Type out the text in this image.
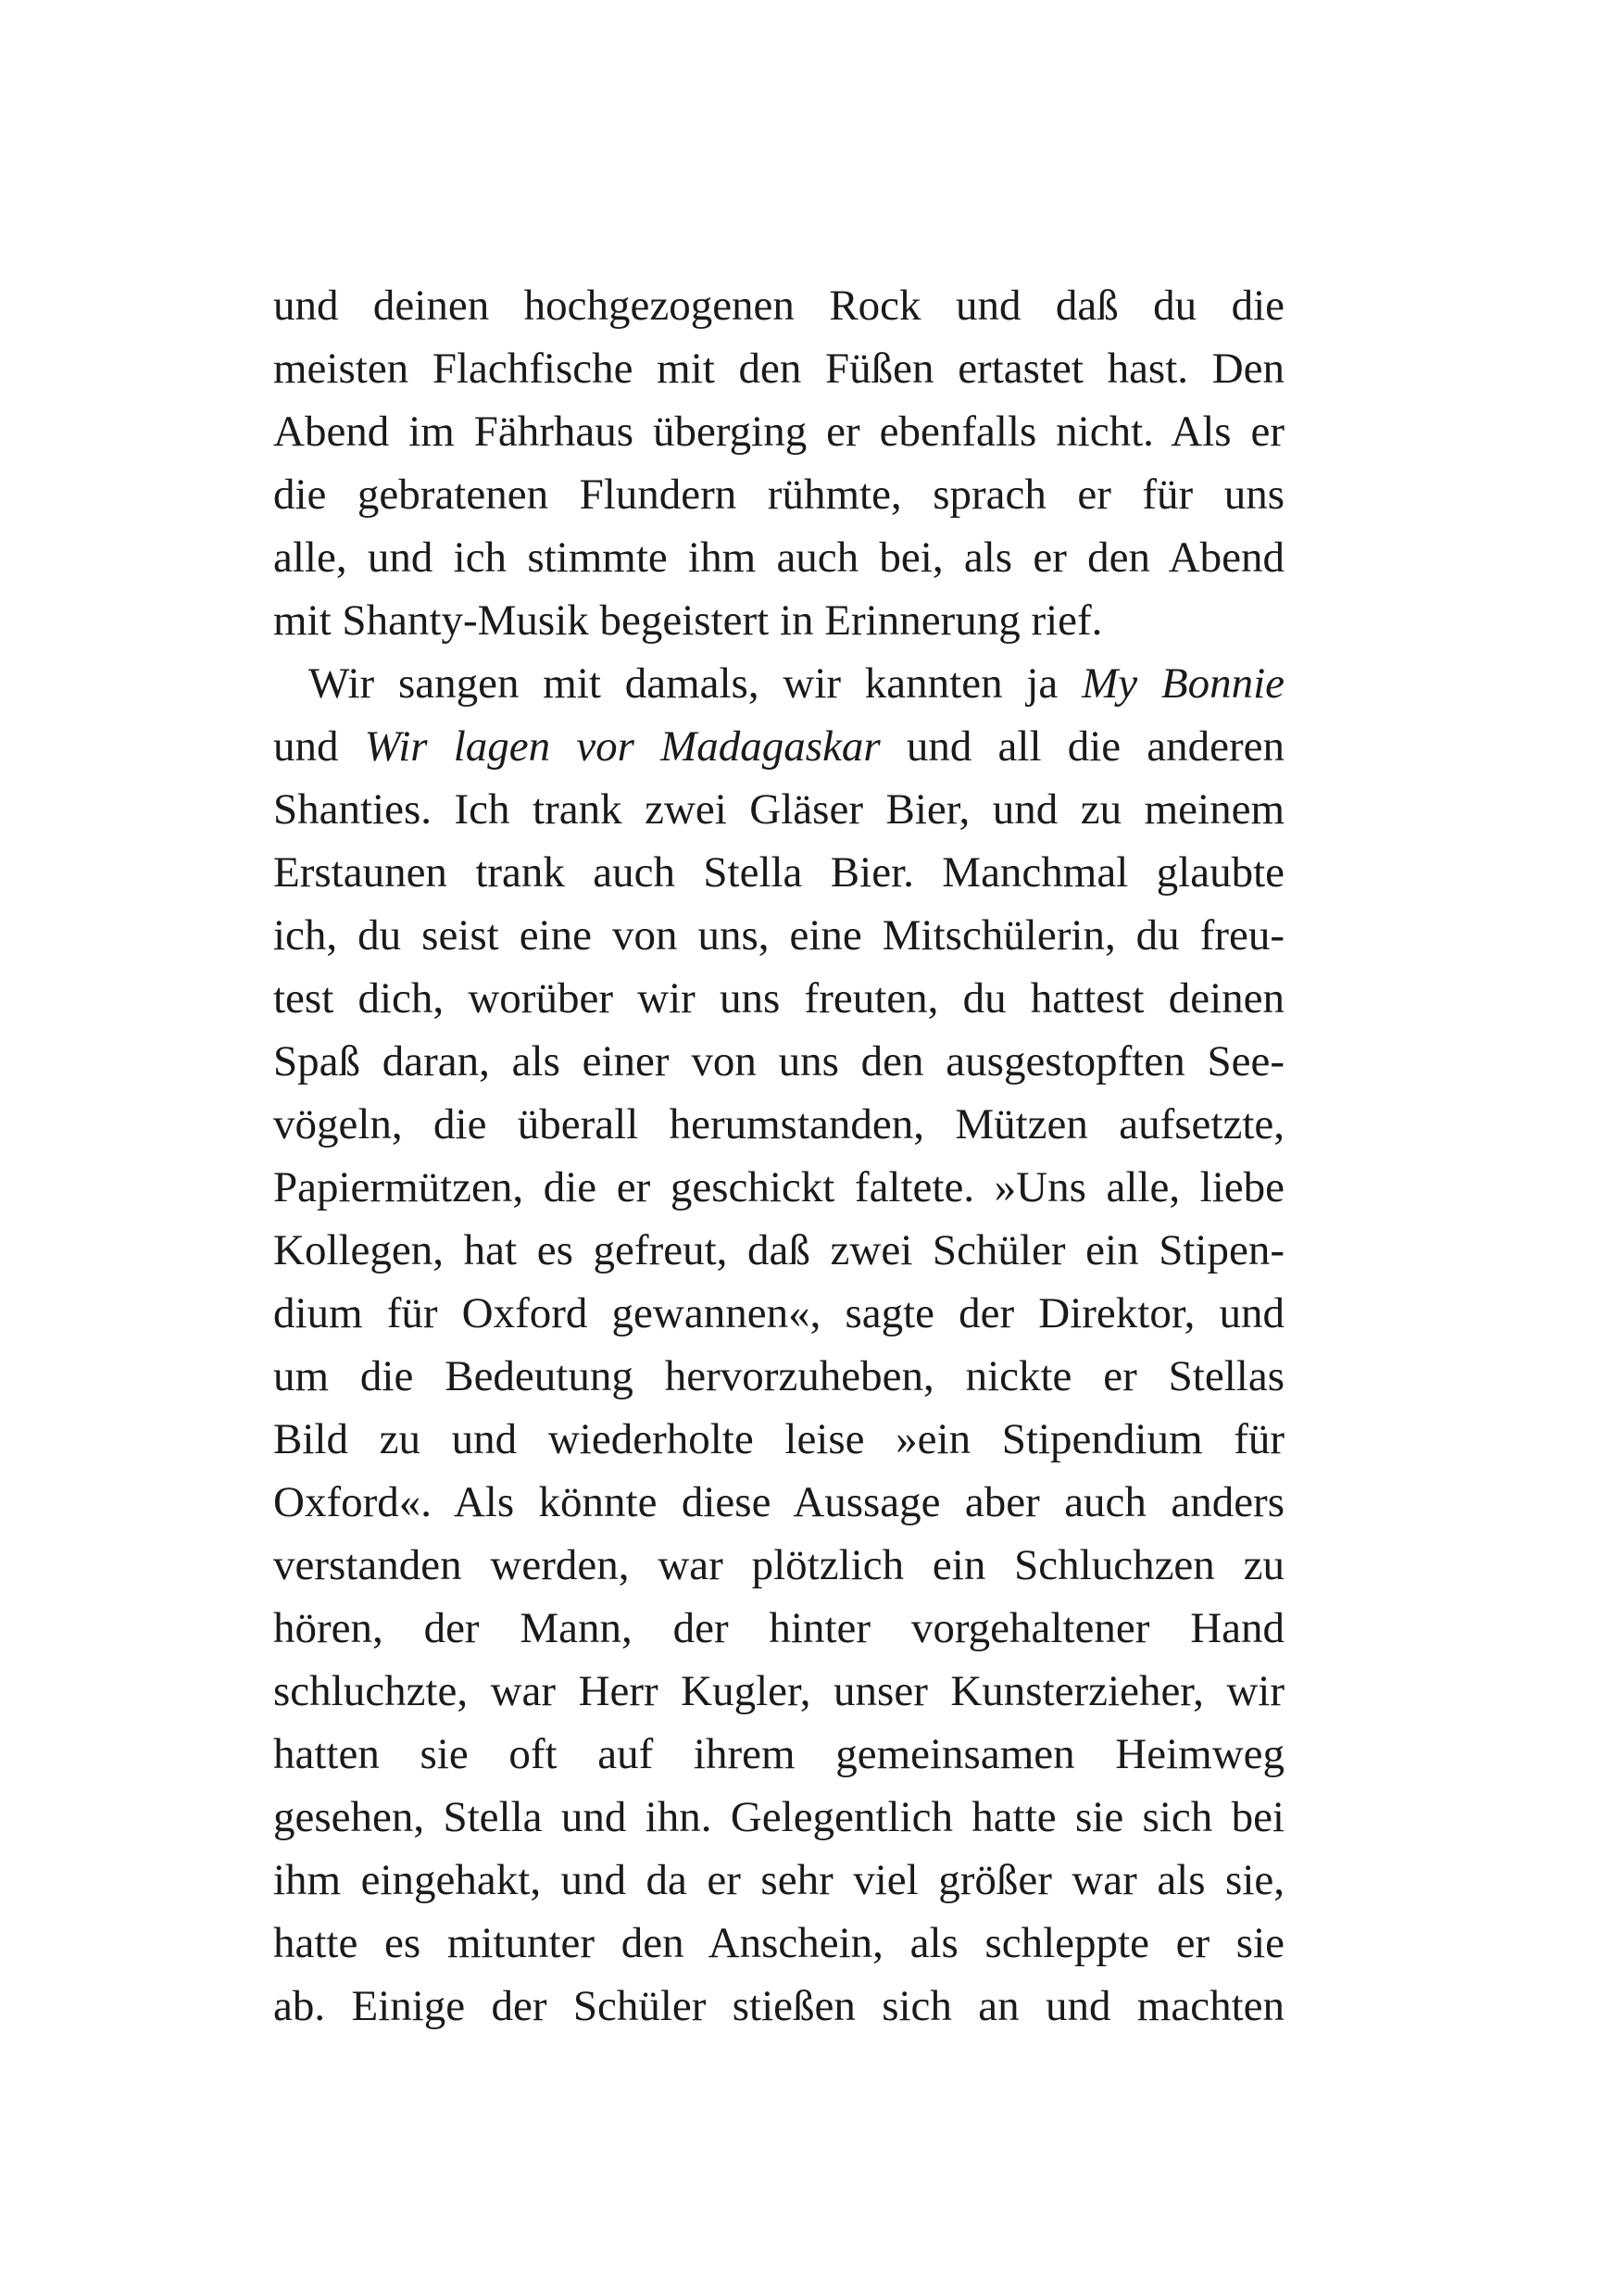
und deinen hochgezogenen Rock und daß du die
meisten Flachfische mit den Füßen ertastet hast. Den
Abend im Fährhaus überging er ebenfalls nicht. Als er
die gebratenen Flundern rühmte, sprach er für uns
alle, und ich stimmte ihm auch bei, als er den Abend
mit Shanty-Musik begeistert in Erinnerung rief.
Wir sangen mit damals, wir kannten ja My Bonnie
und Wir lagen vor Madagaskar und all die anderen
Shanties. Ich trank zwei Gläser Bier, und zu meinem
Erstaunen trank auch Stella Bier. Manchmal glaubte
ich, du seist eine von uns, eine Mitschülerin, du freu-
test dich, worüber wir uns freuten, du hattest deinen
Spaß daran, als einer von uns den ausgestopften See-
vögeln, die überall herumstanden, Mützen aufsetzte,
Papiermützen, die er geschickt faltete. »Uns alle, liebe
Kollegen, hat es gefreut, daß zwei Schüler ein Stipen-
dium für Oxford gewannen«, sagte der Direktor, und
um die Bedeutung hervorzuheben, nickte er Stellas
Bild zu und wiederholte leise »ein Stipendium für
Oxford«. Als könnte diese Aussage aber auch anders
verstanden werden, war plötzlich ein Schluchzen zu
hören, der Mann, der hinter vorgehaltener Hand
schluchzte, war Herr Kugler, unser Kunsterzieher, wir
hatten sie oft auf ihrem gemeinsamen Heimweg
gesehen, Stella und ihn. Gelegentlich hatte sie sich bei
ihm eingehakt, und da er sehr viel größer war als sie,
hatte es mitunter den Anschein, als schleppte er sie
ab. Einige der Schüler stießen sich an und machten
